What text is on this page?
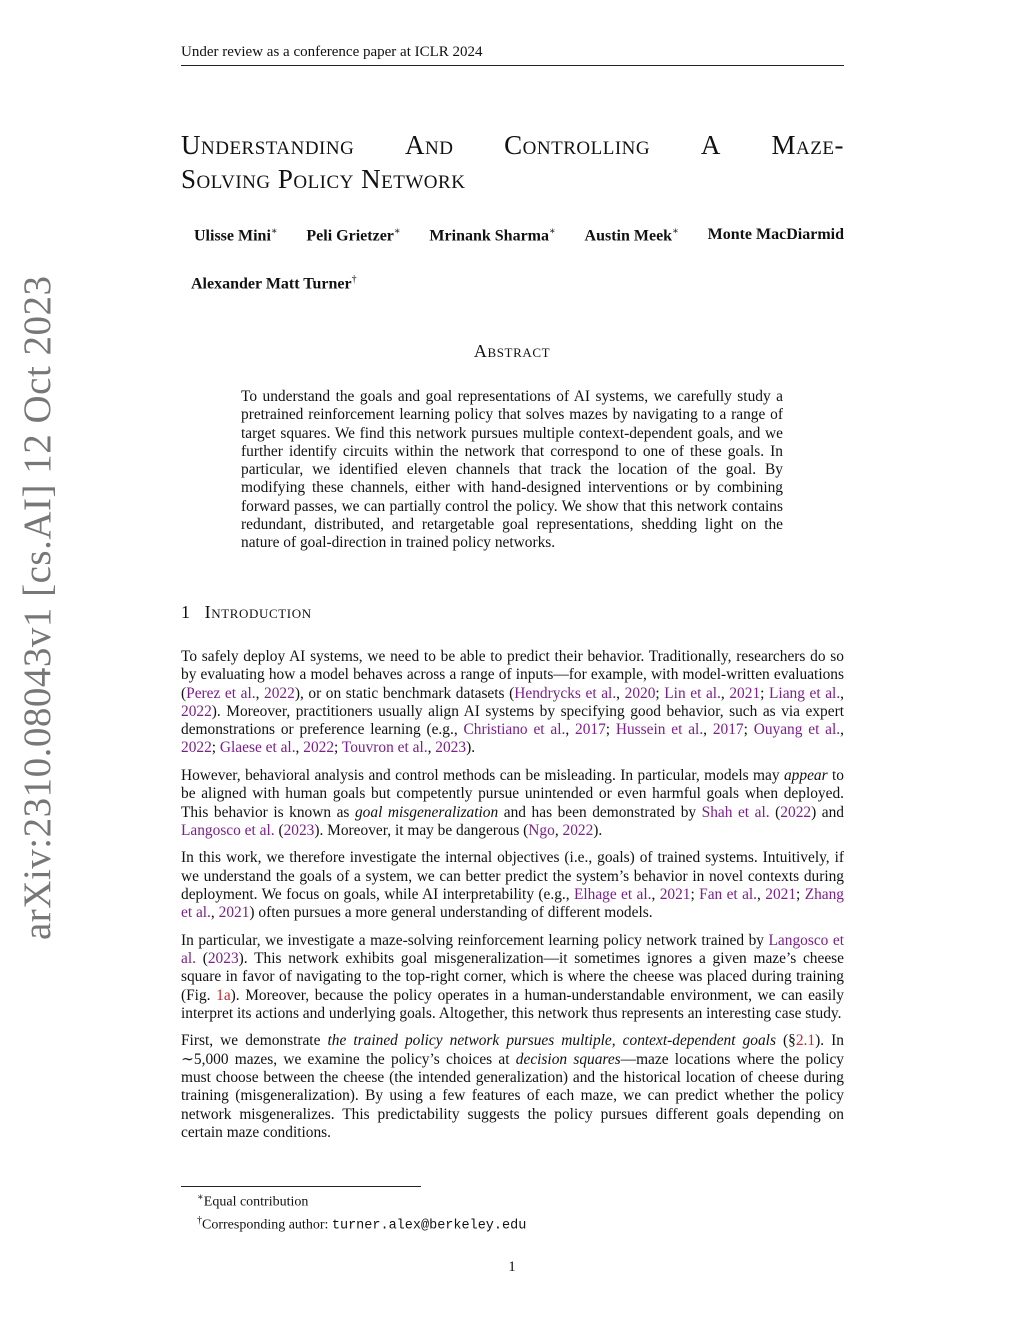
Under review as a conference paper at ICLR 2024
arXiv:2310.08043v1 [cs.AI] 12 Oct 2023
Understanding And Controlling A Maze-
Solving Policy Network
Ulisse Mini∗ Peli Grietzer∗ Mrinank Sharma∗ Austin Meek∗ Monte MacDiarmid
Alexander Matt Turner†
Abstract

To understand the goals and goal representations of AI systems, we carefully study a pretrained reinforcement learning policy that solves mazes by navigating to a range of target squares. We find this network pursues multiple context-dependent goals, and we further identify circuits within the network that correspond to one of these goals. In particular, we identified eleven channels that track the location of the goal. By modifying these channels, either with hand-designed interventions or by combining forward passes, we can partially control the policy. We show that this network contains redundant, distributed, and retargetable goal representations, shedding light on the nature of goal-direction in trained policy networks.

1 Introduction

To safely deploy AI systems, we need to be able to predict their behavior. Traditionally, researchers do so by evaluating how a model behaves across a range of inputs—for example, with model-written evaluations (Perez et al., 2022), or on static benchmark datasets (Hendrycks et al., 2020; Lin et al., 2021; Liang et al., 2022). Moreover, practitioners usually align AI systems by specifying good behavior, such as via expert demonstrations or preference learning (e.g., Christiano et al., 2017; Hussein et al., 2017; Ouyang et al., 2022; Glaese et al., 2022; Touvron et al., 2023).

However, behavioral analysis and control methods can be misleading. In particular, models may appear to be aligned with human goals but competently pursue unintended or even harmful goals when deployed. This behavior is known as goal misgeneralization and has been demonstrated by Shah et al. (2022) and Langosco et al. (2023). Moreover, it may be dangerous (Ngo, 2022).

In this work, we therefore investigate the internal objectives (i.e., goals) of trained systems. Intuitively, if we understand the goals of a system, we can better predict the system’s behavior in novel contexts during deployment. We focus on goals, while AI interpretability (e.g., Elhage et al., 2021; Fan et al., 2021; Zhang et al., 2021) often pursues a more general understanding of different models.

In particular, we investigate a maze-solving reinforcement learning policy network trained by Langosco et al. (2023). This network exhibits goal misgeneralization—it sometimes ignores a given maze’s cheese square in favor of navigating to the top-right corner, which is where the cheese was placed during training (Fig. 1a). Moreover, because the policy operates in a human-understandable environment, we can easily interpret its actions and underlying goals. Altogether, this network thus represents an interesting case study.

First, we demonstrate the trained policy network pursues multiple, context-dependent goals (§2.1). In ∼5,000 mazes, we examine the policy’s choices at decision squares—maze locations where the policy must choose between the cheese (the intended generalization) and the historical location of cheese during training (misgeneralization). By using a few features of each maze, we can predict whether the policy network misgeneralizes. This predictability suggests the policy pursues different goals depending on certain maze conditions.

∗Equal contribution
†Corresponding author: turner.alex@berkeley.edu
1
